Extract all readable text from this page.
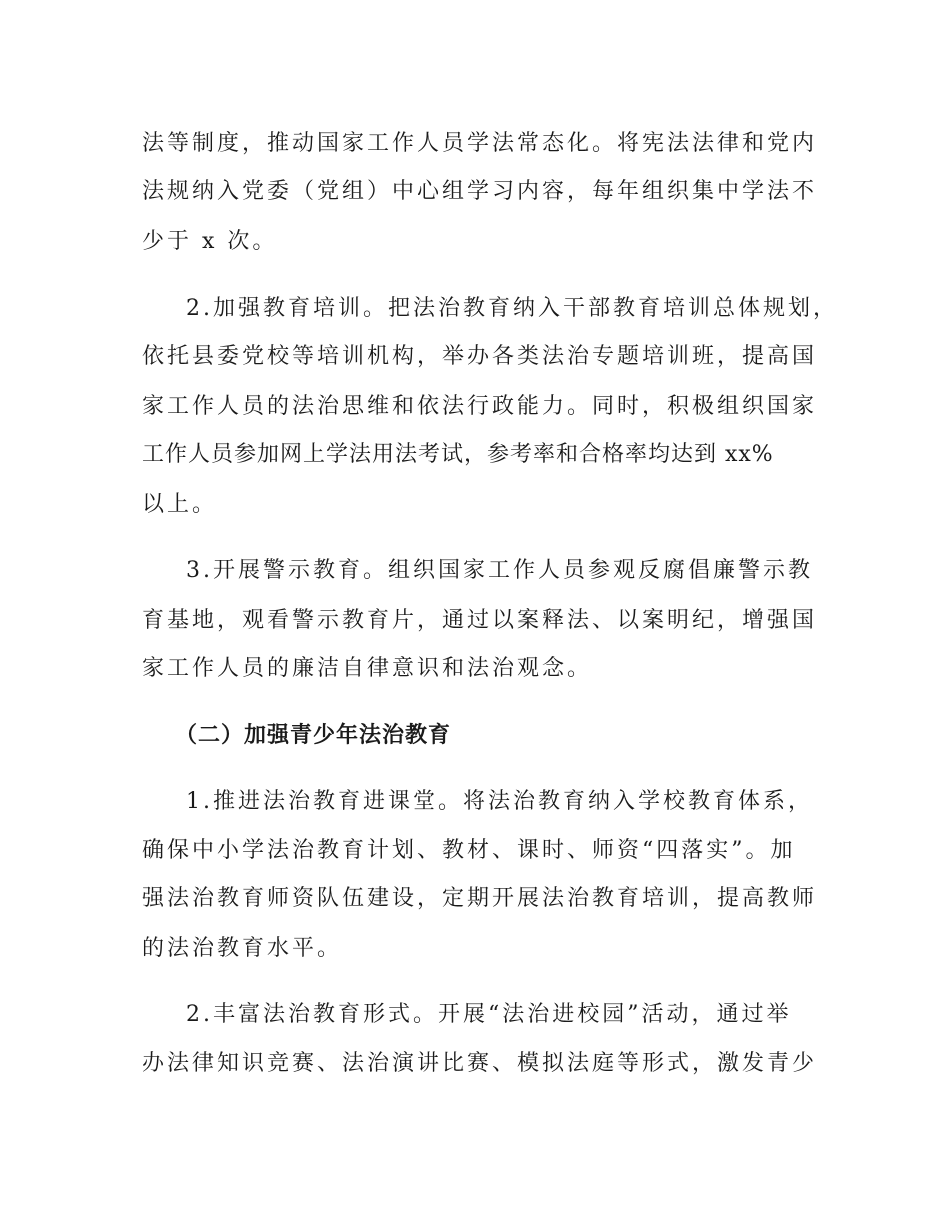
法等制度，推动国家工作人员学法常态化。将宪法法律和党内

法规纳入党委（党组）中心组学习内容，每年组织集中学法不

少于 x 次。

2.加强教育培训。把法治教育纳入干部教育培训总体规划，

依托县委党校等培训机构，举办各类法治专题培训班，提高国

家工作人员的法治思维和依法行政能力。同时，积极组织国家

工作人员参加网上学法用法考试，参考率和合格率均达到 xx%

以上。

3.开展警示教育。组织国家工作人员参观反腐倡廉警示教

育基地，观看警示教育片，通过以案释法、以案明纪，增强国

家工作人员的廉洁自律意识和法治观念。

（二）加强青少年法治教育

1.推进法治教育进课堂。将法治教育纳入学校教育体系，

确保中小学法治教育计划、教材、课时、师资“四落实”。加

强法治教育师资队伍建设，定期开展法治教育培训，提高教师

的法治教育水平。

2.丰富法治教育形式。开展“法治进校园”活动，通过举

办法律知识竞赛、法治演讲比赛、模拟法庭等形式，激发青少
